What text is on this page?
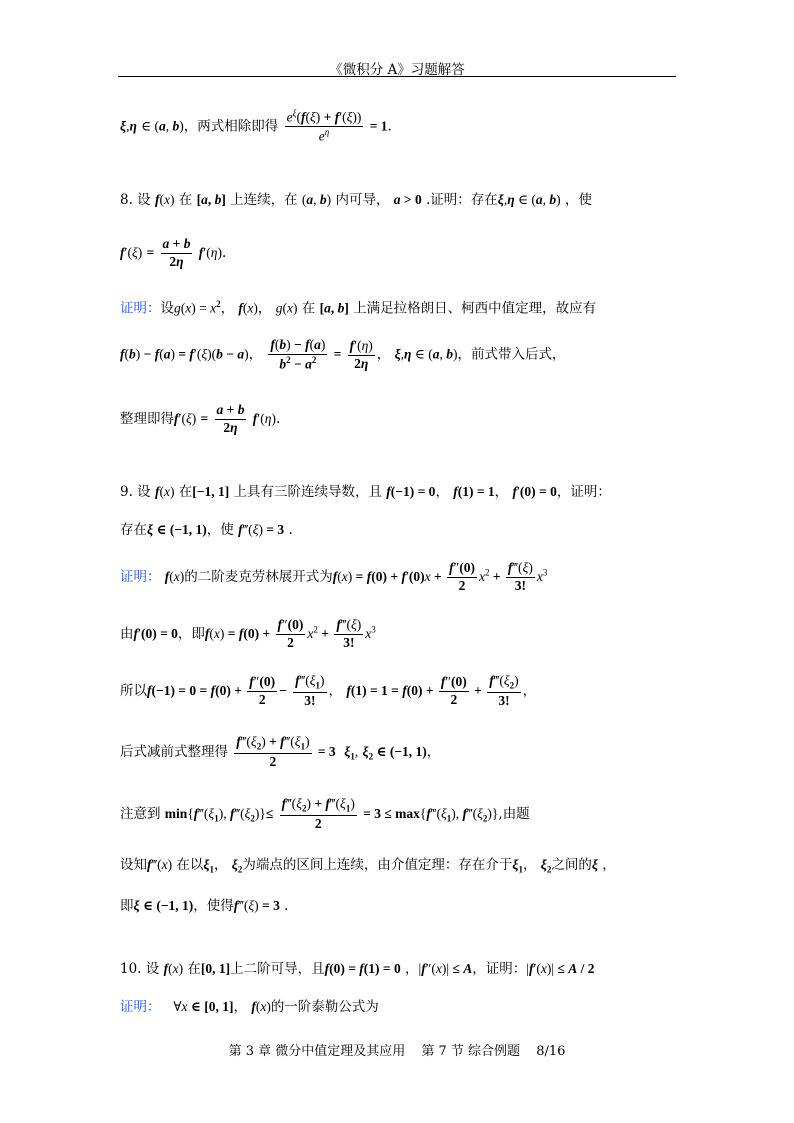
《微积分 A》习题解答
ξ,η ∈ (a, b)，两式相除即得 $\frac{e^\xi(f(\xi) + f'(\xi))}{e^\eta} = 1$.
8. 设 f(x) 在 [a, b] 上连续，在 (a, b) 内可导， a > 0 .证明：存在ξ,η ∈ (a, b) ，使
$f'(\xi) = \frac{a + b}{2\eta} f'(\eta)$.
证明：设$g(x) = x^2$， f(x)， g(x) 在 [a, b] 上满足拉格朗日、柯西中值定理，故应有
f(b) − f(a) = f′(ξ)(b − a)， $\frac{f(b) - f(a)}{b^2 - a^2} = \frac{f'(\eta)}{2\eta}$ ， ξ,η ∈ (a, b)，前式带入后式，
整理即得$f'(\xi) = \frac{a + b}{2\eta} f'(\eta)$.
9. 设 f(x) 在[−1, 1] 上具有三阶连续导数，且 f(−1) = 0， f(1) = 1， f′(0) = 0，证明：
存在ξ ∈ (−1, 1)，使 f‴(ξ) = 3 .
证明： f(x)的二阶麦克劳林展开式为$f(x) = f(0) + f'(0)x + \frac{f''(0)}{2} x^2 + \frac{f‴(\xi)}{3!} x^3$
由f′(0) = 0，即$f(x) = f(0) + \frac{f''(0)}{2} x^2 + \frac{f‴(\xi)}{3!} x^3$
所以$f(-1) = 0 = f(0) + \frac{f''(0)}{2} - \frac{f‴(\xi_1)}{3!}$ ， $f(1) = 1 = f(0) + \frac{f''(0)}{2} + \frac{f‴(\xi_2)}{3!}$ ，
后式减前式整理得 $\frac{f‴(\xi_2) + f‴(\xi_1)}{2} = 3$ $\xi_1$, $\xi_2$ ∈ (−1, 1)，
注意到 $\min\{f‴(\xi_1)$, $f‴(\xi_2)\}\le \frac{f‴(\xi_2) + f‴(\xi_1)}{2} = 3$ ≤ $\max\{f‴(\xi_1)$, $f‴(\xi_2)$},由题
设知f‴(x) 在以$\xi_1$， $\xi_2$为端点的区间上连续，由介值定理：存在介于$\xi_1$， $\xi_2$之间的ξ ，
即ξ ∈ (−1, 1)，使得f‴(ξ) = 3 .
10. 设 f(x) 在[0, 1]上二阶可导，且f(0) = f(1) = 0 ，|f″(x)| ≤ A，证明：|f′(x)| ≤ A / 2
证明： ∀x ∈ [0, 1]， f(x)的一阶泰勒公式为
第 3 章 微分中值定理及其应用 第 7 节 综合例题 8/16
